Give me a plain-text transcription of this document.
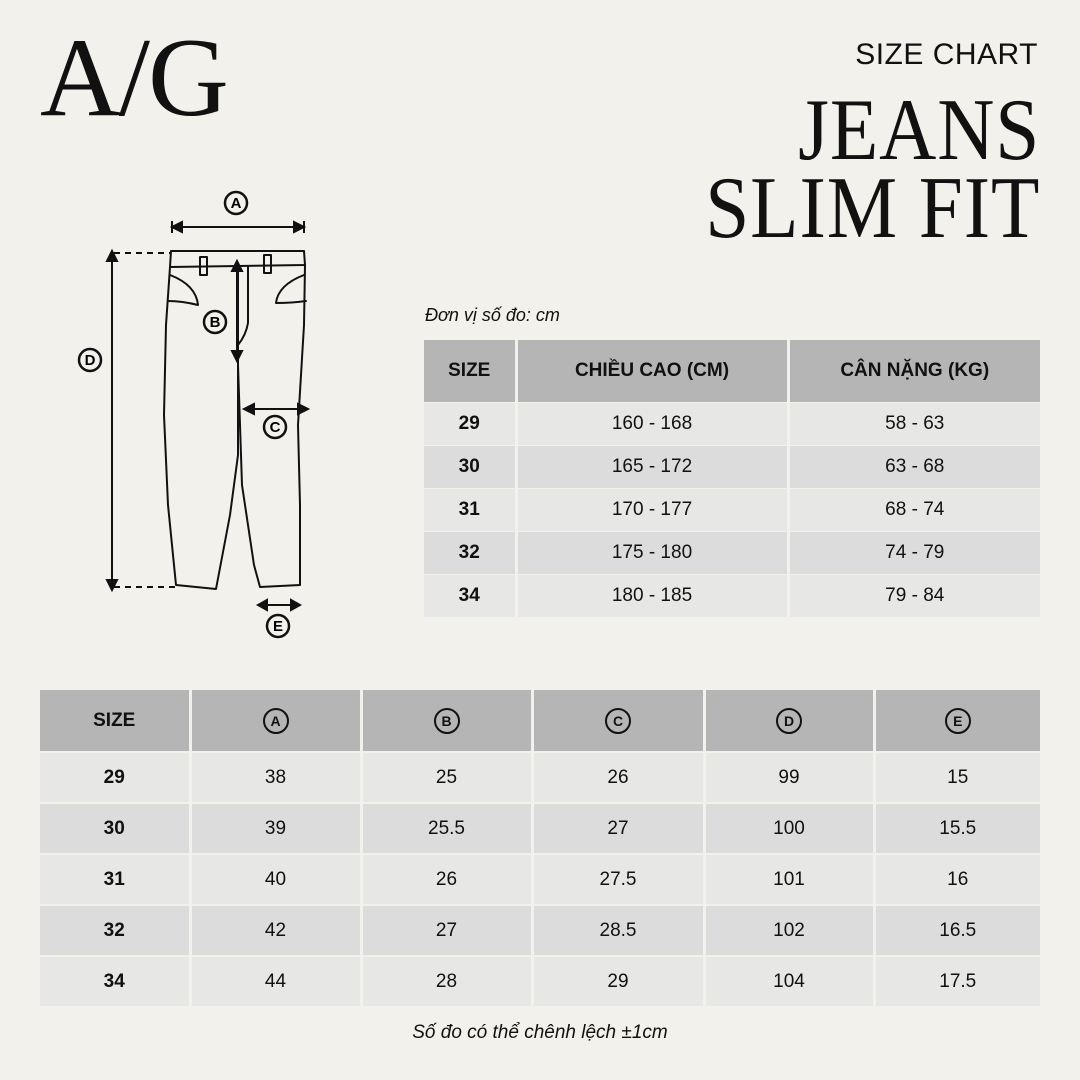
A/G	SIZE CHART
JEANS
SLIM FIT
A
B
C
D
E
Đơn vị số đo: cm
SIZE	CHIỀU CAO (CM)	CÂN NẶNG (KG)
29	160 - 168	58 - 63
30	165 - 172	63 - 68
31	170 - 177	68 - 74
32	175 - 180	74 - 79
34	180 - 185	79 - 84
SIZE	A	B	C	D	E
29	38	25	26	99	15
30	39	25.5	27	100	15.5
31	40	26	27.5	101	16
32	42	27	28.5	102	16.5
34	44	28	29	104	17.5
Số đo có thể chênh lệch ±1cm
